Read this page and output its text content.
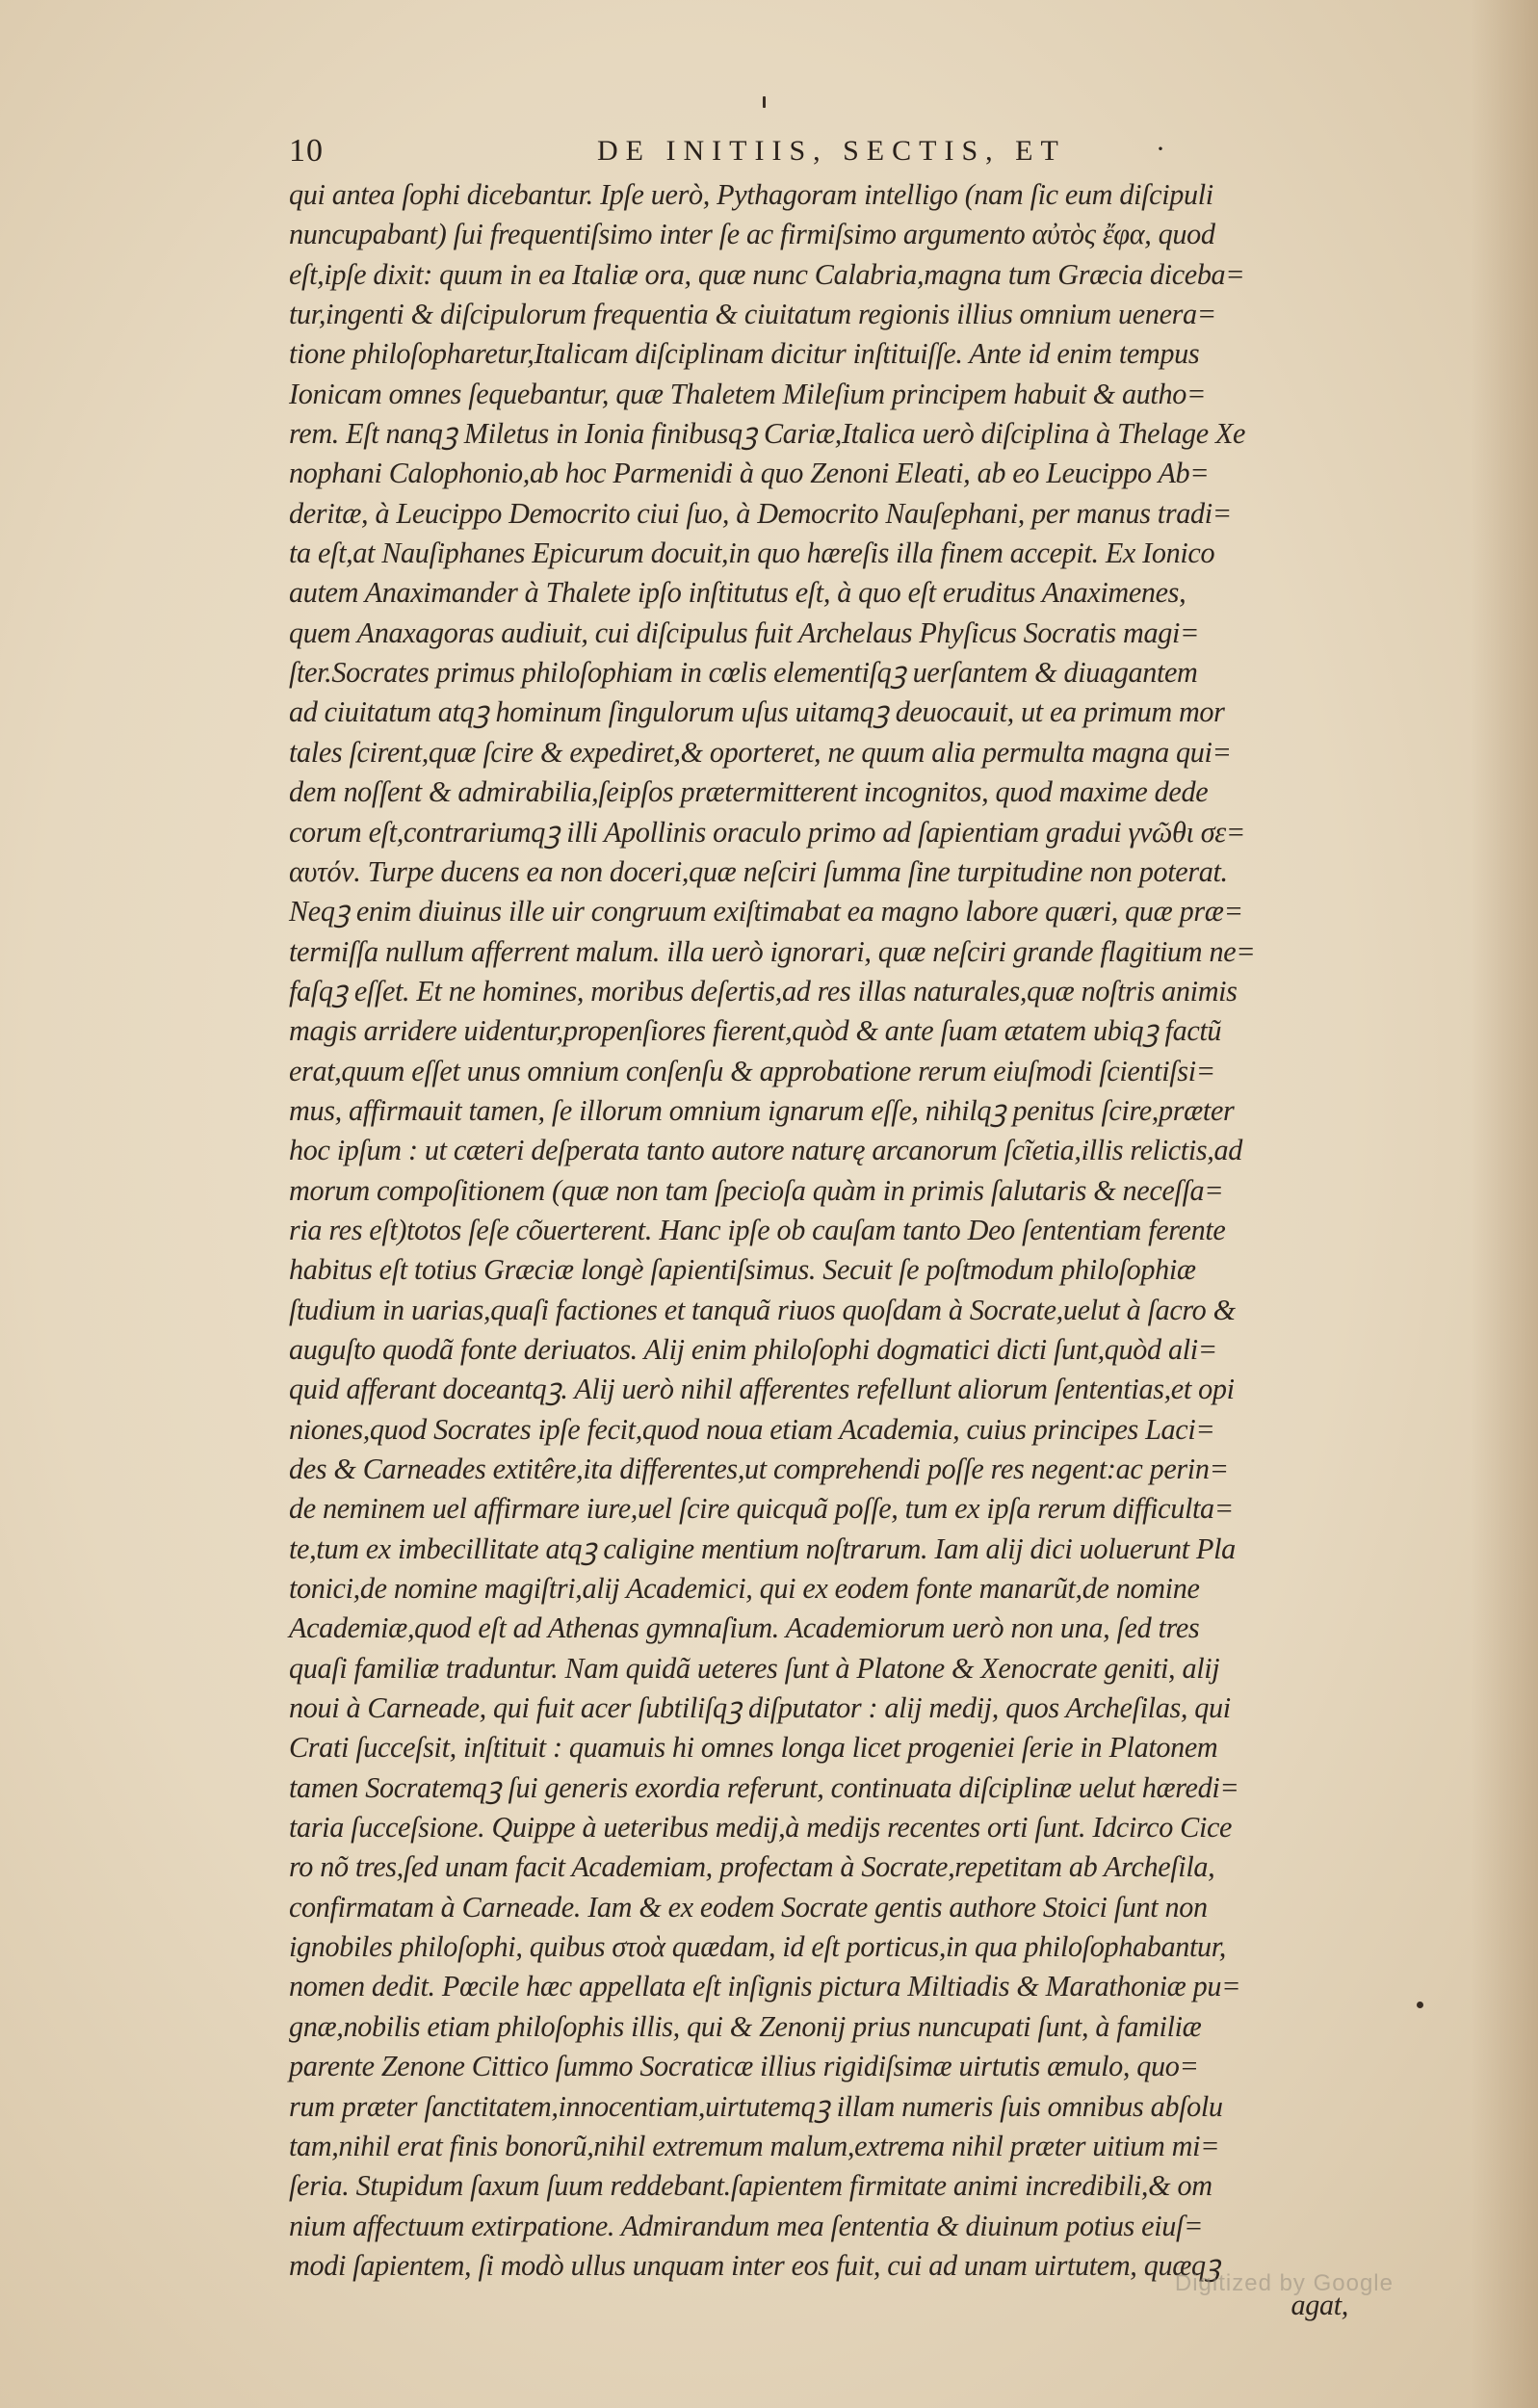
10	DE INITIIS, SECTIS, ET	·
qui antea ſophi dicebantur. Ipſe uerò, Pythagoram intelligo (nam ſic eum diſcipuli
nuncupabant) ſui frequentiſsimo inter ſe ac firmiſsimo argumento αὐτὸς ἔφα, quod
eſt,ipſe dixit: quum in ea Italiæ ora, quæ nunc Calabria,magna tum Græcia diceba=
tur,ingenti & diſcipulorum frequentia & ciuitatum regionis illius omnium uenera=
tione philoſopharetur,Italicam diſciplinam dicitur inſtituiſſe. Ante id enim tempus
Ionicam omnes ſequebantur, quæ Thaletem Mileſium principem habuit & autho=
rem. Eſt nanqꝫ Miletus in Ionia finibusqꝫ Cariæ,Italica uerò diſciplina à Thelage Xe
nophani Calophonio,ab hoc Parmenidi à quo Zenoni Eleati, ab eo Leucippo Ab=
deritæ, à Leucippo Democrito ciui ſuo, à Democrito Nauſephani, per manus tradi=
ta eſt,at Nauſiphanes Epicurum docuit,in quo hæreſis illa finem accepit. Ex Ionico
autem Anaximander à Thalete ipſo inſtitutus eſt, à quo eſt eruditus Anaximenes,
quem Anaxagoras audiuit, cui diſcipulus fuit Archelaus Phyſicus Socratis magi=
ſter.Socrates primus philoſophiam in cœlis elementiſqꝫ uerſantem & diuagantem
ad ciuitatum atqꝫ hominum ſingulorum uſus uitamqꝫ deuocauit, ut ea primum mor
tales ſcirent,quæ ſcire & expediret,& oporteret, ne quum alia permulta magna qui=
dem noſſent & admirabilia,ſeipſos prætermitterent incognitos, quod maxime dede
corum eſt,contrariumqꝫ illi Apollinis oraculo primo ad ſapientiam gradui γνῶθι σε=
αυτόν. Turpe ducens ea non doceri,quæ neſciri ſumma ſine turpitudine non poterat.
Neqꝫ enim diuinus ille uir congruum exiſtimabat ea magno labore quæri, quæ præ=
termiſſa nullum afferrent malum. illa uerò ignorari, quæ neſciri grande flagitium ne=
faſqꝫ eſſet. Et ne homines, moribus deſertis,ad res illas naturales,quæ noſtris animis
magis arridere uidentur,propenſiores fierent,quòd & ante ſuam ætatem ubiqꝫ factũ
erat,quum eſſet unus omnium conſenſu & approbatione rerum eiuſmodi ſcientiſsi=
mus, affirmauit tamen, ſe illorum omnium ignarum eſſe, nihilqꝫ penitus ſcire,præter
hoc ipſum : ut cæteri deſperata tanto autore naturę arcanorum ſcĩetia,illis relictis,ad
morum compoſitionem (quæ non tam ſpecioſa quàm in primis ſalutaris & neceſſa=
ria res eſt)totos ſeſe cõuerterent. Hanc ipſe ob cauſam tanto Deo ſententiam ferente
habitus eſt totius Græciæ longè ſapientiſsimus. Secuit ſe poſtmodum philoſophiæ
ſtudium in uarias,quaſi factiones et tanquã riuos quoſdam à Socrate,uelut à ſacro &
auguſto quodã fonte deriuatos. Alij enim philoſophi dogmatici dicti ſunt,quòd ali=
quid afferant doceantqꝫ. Alij uerò nihil afferentes refellunt aliorum ſententias,et opi
niones,quod Socrates ipſe fecit,quod noua etiam Academia, cuius principes Laci=
des & Carneades extitêre,ita differentes,ut comprehendi poſſe res negent:ac perin=
de neminem uel affirmare iure,uel ſcire quicquã poſſe, tum ex ipſa rerum difficulta=
te,tum ex imbecillitate atqꝫ caligine mentium noſtrarum. Iam alij dici uoluerunt Pla
tonici,de nomine magiſtri,alij Academici, qui ex eodem fonte manarũt,de nomine
Academiæ,quod eſt ad Athenas gymnaſium. Academiorum uerò non una, ſed tres
quaſi familiæ traduntur. Nam quidã ueteres ſunt à Platone & Xenocrate geniti, alij
noui à Carneade, qui fuit acer ſubtiliſqꝫ diſputator : alij medij, quos Archeſilas, qui
Crati ſucceſsit, inſtituit : quamuis hi omnes longa licet progeniei ſerie in Platonem
tamen Socratemqꝫ ſui generis exordia referunt, continuata diſciplinæ uelut hæredi=
taria ſucceſsione. Quippe à ueteribus medij,à medijs recentes orti ſunt. Idcirco Cice
ro nõ tres,ſed unam facit Academiam, profectam à Socrate,repetitam ab Archeſila,
confirmatam à Carneade. Iam & ex eodem Socrate gentis authore Stoici ſunt non
ignobiles philoſophi, quibus στοὰ quædam, id eſt porticus,in qua philoſophabantur,
nomen dedit. Pœcile hæc appellata eſt inſignis pictura Miltiadis & Marathoniæ pu=
gnæ,nobilis etiam philoſophis illis, qui & Zenonij prius nuncupati ſunt, à familiæ
parente Zenone Cittico ſummo Socraticæ illius rigidiſsimæ uirtutis æmulo, quo=
rum præter ſanctitatem,innocentiam,uirtutemqꝫ illam numeris ſuis omnibus abſolu
tam,nihil erat finis bonorũ,nihil extremum malum,extrema nihil præter uitium mi=
ſeria. Stupidum ſaxum ſuum reddebant.ſapientem firmitate animi incredibili,& om
nium affectuum extirpatione. Admirandum mea ſententia & diuinum potius eiuſ=
modi ſapientem, ſi modò ullus unquam inter eos fuit, cui ad unam uirtutem, quæqꝫ
agat,
Digitized by Google
